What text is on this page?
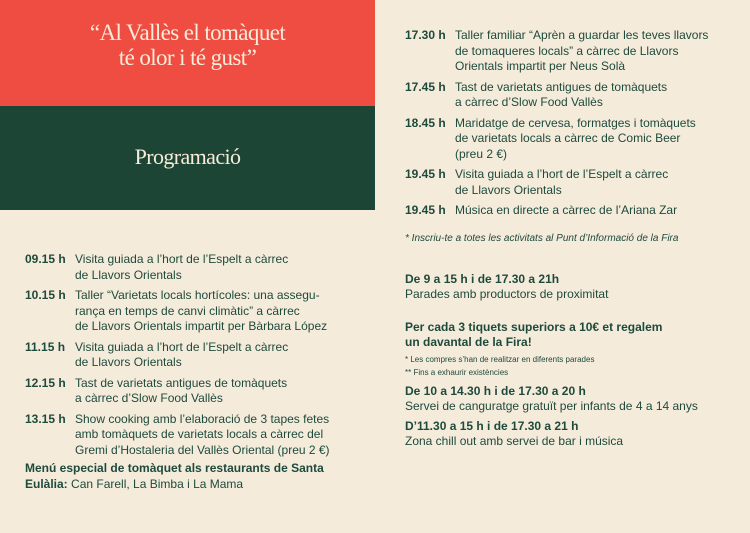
“Al Vallès el tomàquet
té olor i té gust”
Programació
09.15 h Visita guiada a l’hort de l’Espelt a càrrec
de Llavors Orientals
10.15 h Taller “Varietats locals hortícoles: una assegu-
rança en temps de canvi climàtic” a càrrec
de Llavors Orientals impartit per Bàrbara López
11.15 h Visita guiada a l’hort de l’Espelt a càrrec
de Llavors Orientals
12.15 h Tast de varietats antigues de tomàquets
a càrrec d’Slow Food Vallès
13.15 h Show cooking amb l’elaboració de 3 tapes fetes
amb tomàquets de varietats locals a càrrec del
Gremi d’Hostaleria del Vallès Oriental (preu 2 €)
Menú especial de tomàquet als restaurants de Santa
Eulàlia: Can Farell, La Bimba i La Mama
17.30 h Taller familiar “Aprèn a guardar les teves llavors
de tomaqueres locals” a càrrec de Llavors
Orientals impartit per Neus Solà
17.45 h Tast de varietats antigues de tomàquets
a càrrec d’Slow Food Vallès
18.45 h Maridatge de cervesa, formatges i tomàquets
de varietats locals a càrrec de Comic Beer
(preu 2 €)
19.45 h Visita guiada a l’hort de l’Espelt a càrrec
de Llavors Orientals
19.45 h Música en directe a càrrec de l’Ariana Zar
* Inscriu-te a totes les activitats al Punt d’Informació de la Fira
De 9 a 15 h i de 17.30 a 21h
Parades amb productors de proximitat
Per cada 3 tiquets superiors a 10€ et regalem
un davantal de la Fira!
* Les compres s’han de realitzar en diferents parades
** Fins a exhaurir existències
De 10 a 14.30 h i de 17.30 a 20 h
Servei de canguratge gratuït per infants de 4 a 14 anys
D’11.30 a 15 h i de 17.30 a 21 h
Zona chill out amb servei de bar i música
